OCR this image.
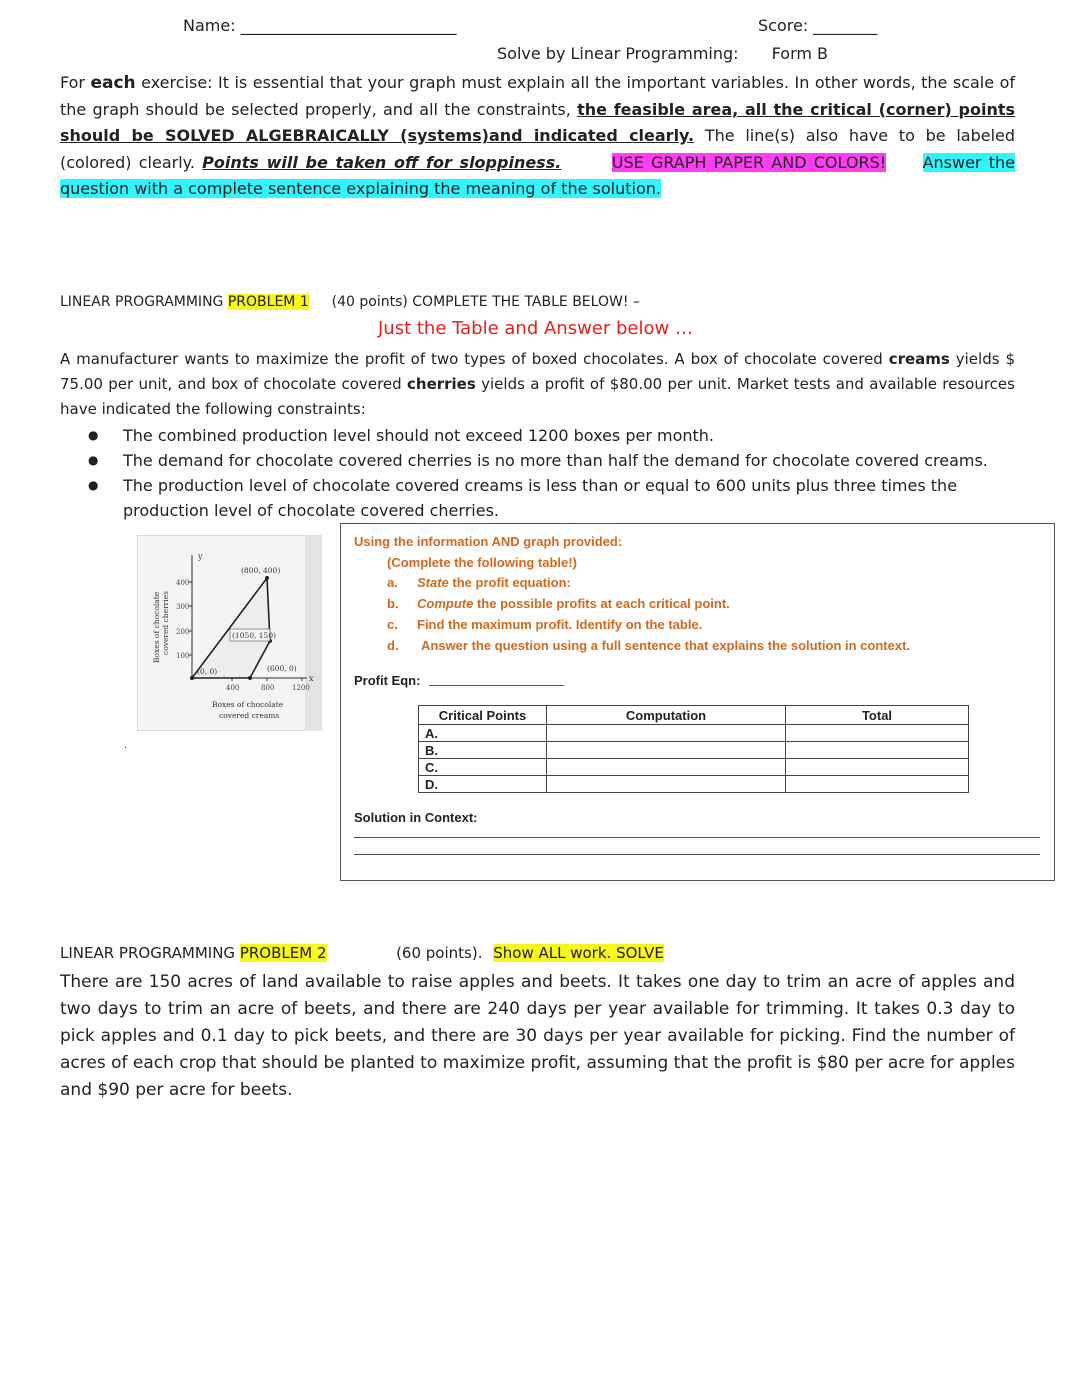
Name: ___________________________	Score: ________
Solve by Linear Programming: Form B
For each exercise: It is essential that your graph must explain all the important variables. In other words, the scale of the graph should be selected properly, and all the constraints, the feasible area, all the critical (corner) points should be SOLVED ALGEBRAICALLY (systems)and indicated clearly. The line(s) also have to be labeled (colored) clearly. Points will be taken off for sloppiness.	USE GRAPH PAPER AND COLORS! Answer the question with a complete sentence explaining the meaning of the solution.
LINEAR PROGRAMMING PROBLEM 1 (40 points) COMPLETE THE TABLE BELOW! –
Just the Table and Answer below …
A manufacturer wants to maximize the profit of two types of boxed chocolates. A box of chocolate covered creams yields $ 75.00 per unit, and box of chocolate covered cherries yields a profit of $80.00 per unit. Market tests and available resources have indicated the following constraints:
●	The combined production level should not exceed 1200 boxes per month.
●	The demand for chocolate covered cherries is no more than half the demand for chocolate covered creams.
●	The production level of chocolate covered creams is less than or equal to 600 units plus three times the production level of chocolate covered cherries.
y
x
400
300
200
100
400	800	1200
(800, 400)
(1050, 150)
(0, 0)	(600, 0)
Boxes of chocolate covered cherries
Boxes of chocolate
covered creams
Using the information AND graph provided:
(Complete the following table!)
a. State the profit equation:
b. Compute the possible profits at each critical point.
c. Find the maximum profit. Identify on the table.
d. Answer the question using a full sentence that explains the solution in context.
Profit Eqn:
Critical Points	Computation	Total
A.		
B.		
C.		
D.		
Solution in Context:
.
LINEAR PROGRAMMING PROBLEM 2	(60 points). Show ALL work. SOLVE
There are 150 acres of land available to raise apples and beets. It takes one day to trim an acre of apples and two days to trim an acre of beets, and there are 240 days per year available for trimming. It takes 0.3 day to pick apples and 0.1 day to pick beets, and there are 30 days per year available for picking. Find the number of acres of each crop that should be planted to maximize profit, assuming that the profit is $80 per acre for apples and $90 per acre for beets.
